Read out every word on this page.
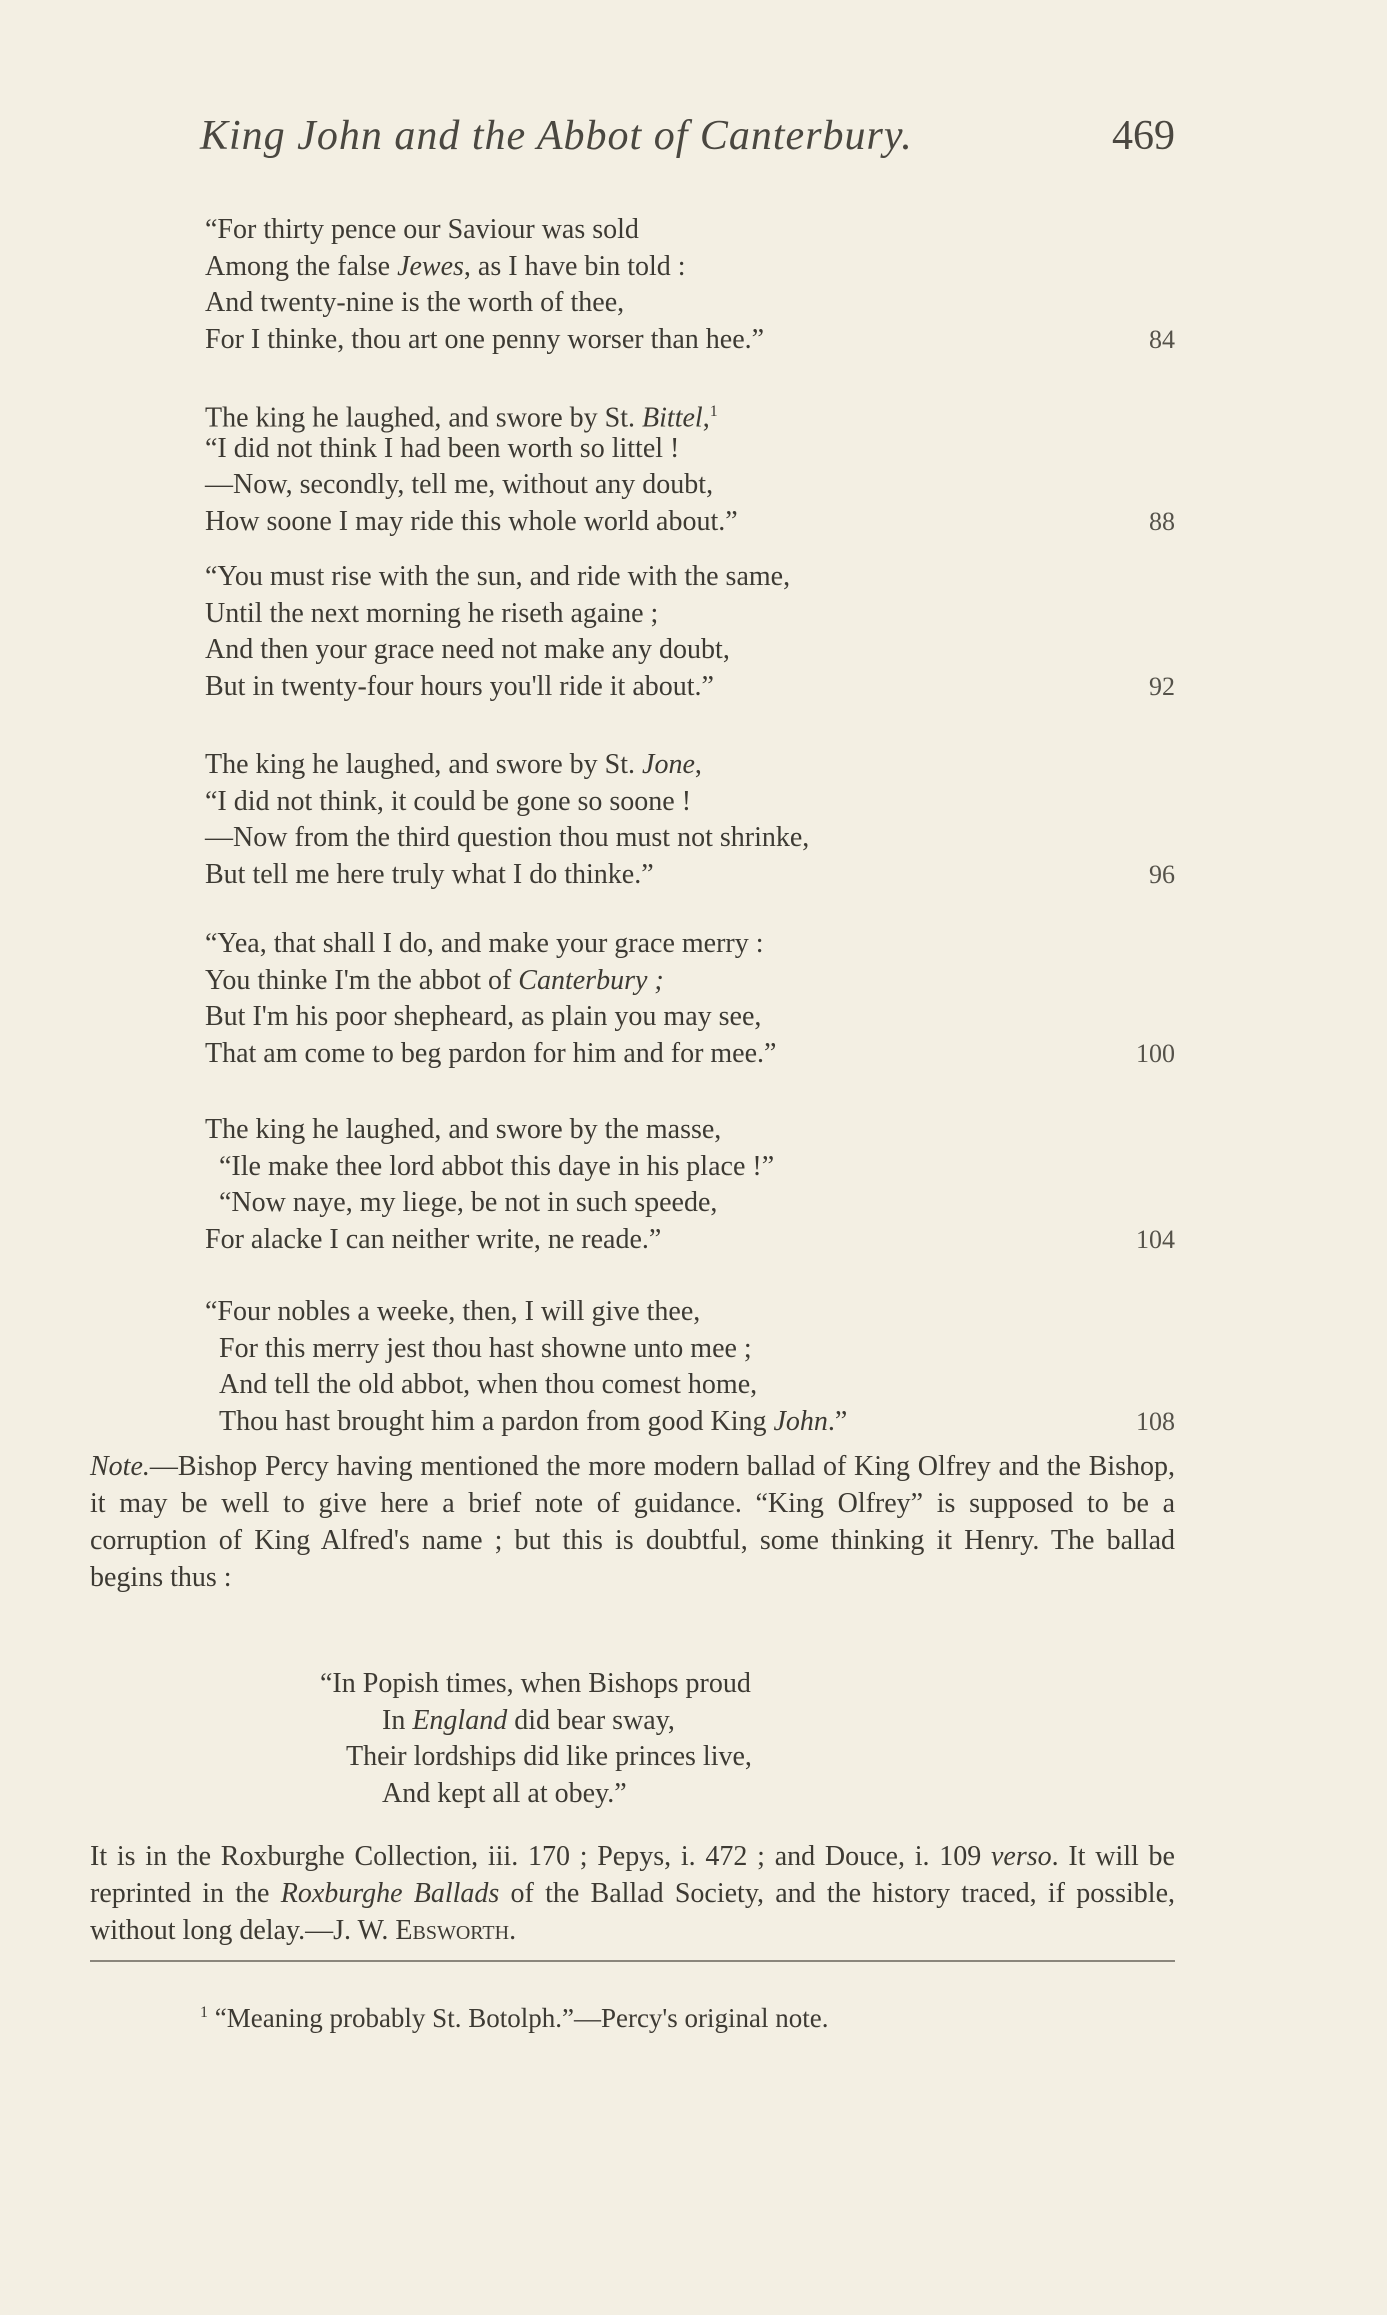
King John and the Abbot of Canterbury.	469
“For thirty pence our Saviour was sold
Among the false Jewes, as I have bin told :
And twenty-nine is the worth of thee,
For I thinke, thou art one penny worser than hee.”	84
The king he laughed, and swore by St. Bittel,$^1$
“I did not think I had been worth so littel !
—Now, secondly, tell me, without any doubt,
How soone I may ride this whole world about.”	88
“You must rise with the sun, and ride with the same,
Until the next morning he riseth againe ;
And then your grace need not make any doubt,
But in twenty-four hours you'll ride it about.”	92
The king he laughed, and swore by St. Jone,
“I did not think, it could be gone so soone !
—Now from the third question thou must not shrinke,
But tell me here truly what I do thinke.”	96
“Yea, that shall I do, and make your grace merry :
You thinke I'm the abbot of Canterbury ;
But I'm his poor shepheard, as plain you may see,
That am come to beg pardon for him and for mee.”	100
The king he laughed, and swore by the masse,
“Ile make thee lord abbot this daye in his place !”
“Now naye, my liege, be not in such speede,
For alacke I can neither write, ne reade.”	104
“Four nobles a weeke, then, I will give thee,
For this merry jest thou hast showne unto mee ;
And tell the old abbot, when thou comest home,
Thou hast brought him a pardon from good King John.”	108

Note.—Bishop Percy having mentioned the more modern ballad of King Olfrey and the Bishop, it may be well to give here a brief note of guidance. “King Olfrey” is supposed to be a corruption of King Alfred's name ; but this is doubtful, some thinking it Henry. The ballad begins thus :

“In Popish times, when Bishops proud
In England did bear sway,
Their lordships did like princes live,
And kept all at obey.”

It is in the Roxburghe Collection, iii. 170 ; Pepys, i. 472 ; and Douce, i. 109 verso. It will be reprinted in the Roxburghe Ballads of the Ballad Society, and the history traced, if possible, without long delay.—J. W. Ebsworth.

$^1$ “Meaning probably St. Botolph.”—Percy's original note.
